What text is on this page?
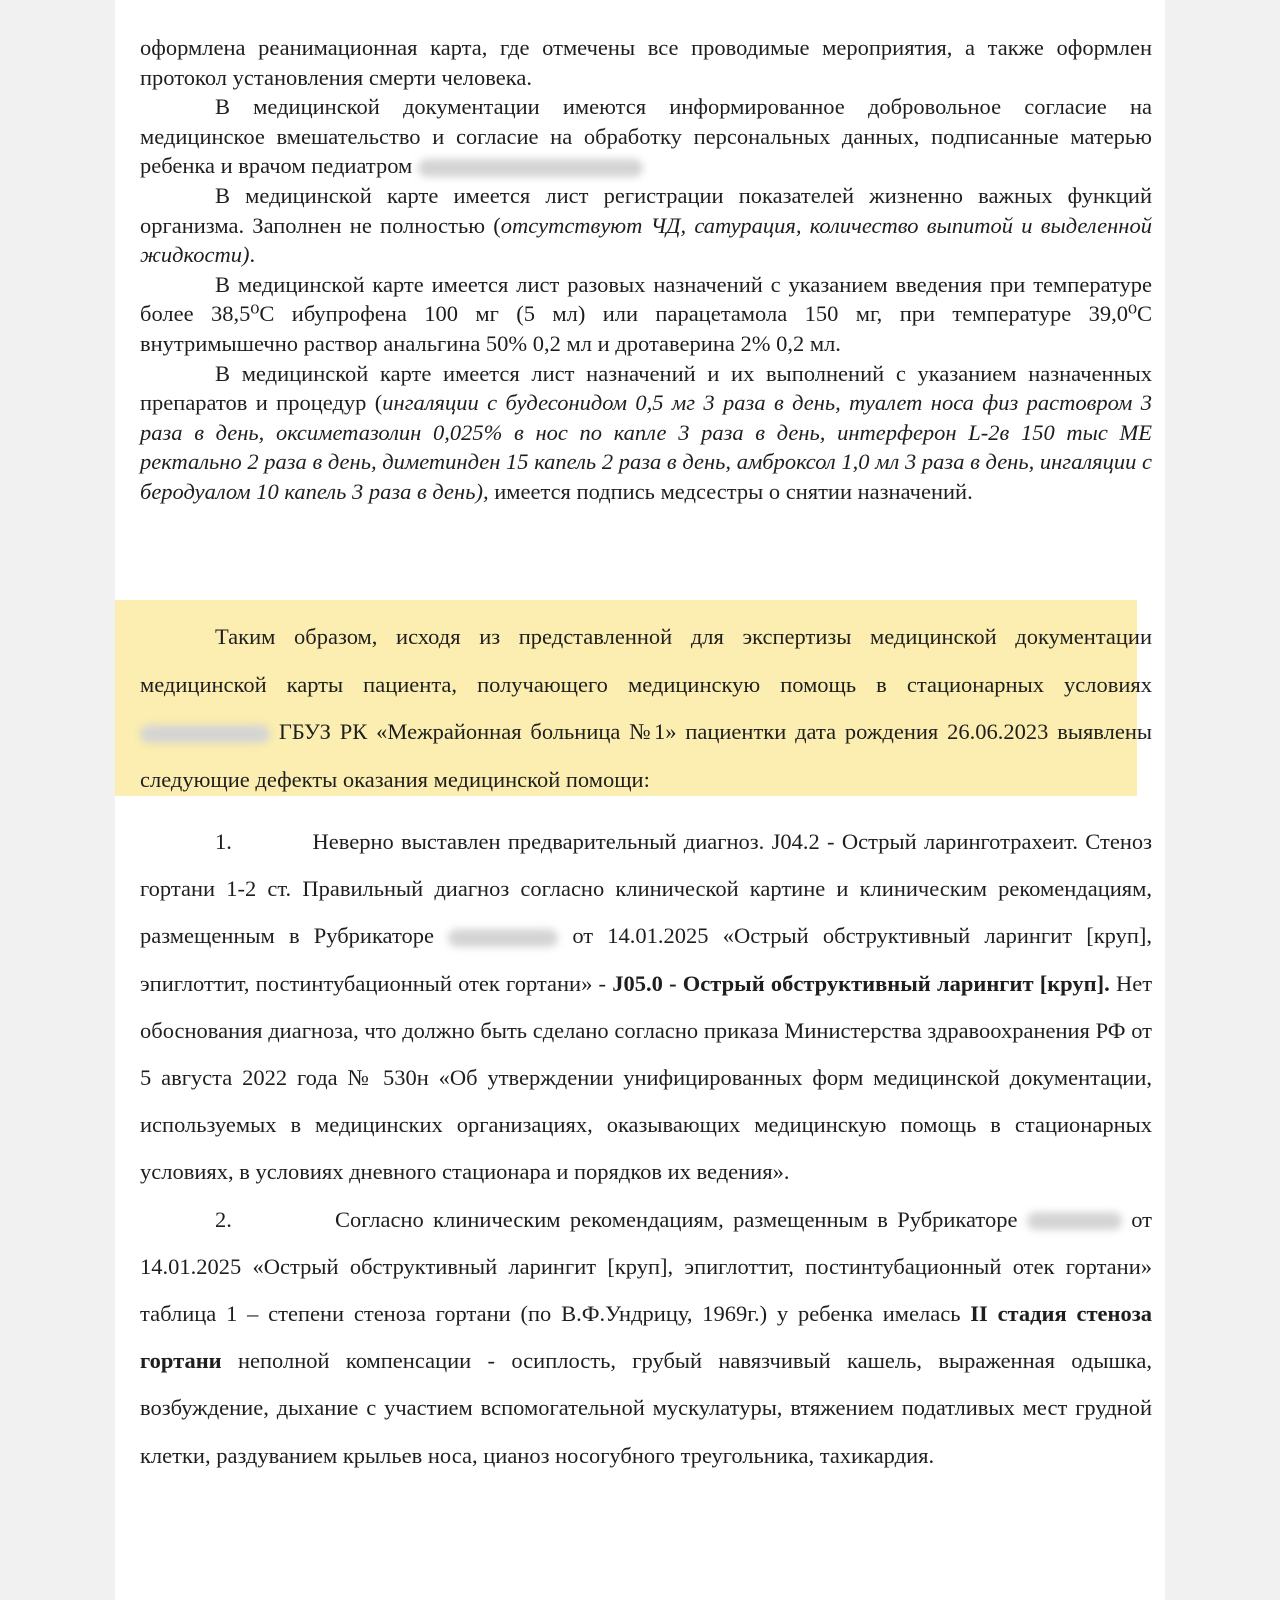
оформлена реанимационная карта, где отмечены все проводимые мероприятия, а также оформлен протокол установления смерти человека.

В медицинской документации имеются информированное добровольное согласие на медицинское вмешательство и согласие на обработку персональных данных, подписанные матерью ребенка и врачом педиатром

В медицинской карте имеется лист регистрации показателей жизненно важных функций организма. Заполнен не полностью (отсутствуют ЧД, сатурация, количество выпитой и выделенной жидкости).

В медицинской карте имеется лист разовых назначений с указанием введения при температуре более 38,5⁰С ибупрофена 100 мг (5 мл) или парацетамола 150 мг, при температуре 39,0⁰С внутримышечно раствор анальгина 50% 0,2 мл и дротаверина 2% 0,2 мл.

В медицинской карте имеется лист назначений и их выполнений с указанием назначенных препаратов и процедур (ингаляции с будесонидом 0,5 мг 3 раза в день, туалет носа физ растовром 3 раза в день, оксиметазолин 0,025% в нос по капле 3 раза в день, интерферон L-2в 150 тыс МЕ ректально 2 раза в день, диметинден 15 капель 2 раза в день, амброксол 1,0 мл 3 раза в день, ингаляции с беродуалом 10 капель 3 раза в день), имеется подпись медсестры о снятии назначений.

Таким образом, исходя из представленной для экспертизы медицинской документации медицинской карты пациента, получающего медицинскую помощь в стационарных условиях  ГБУЗ РК «Межрайонная больница №1» пациентки дата рождения 26.06.2023 выявлены следующие дефекты оказания медицинской помощи:

1.	Неверно выставлен предварительный диагноз. J04.2 - Острый ларинготрахеит. Стеноз гортани 1-2 ст. Правильный диагноз согласно клинической картине и клиническим рекомендациям, размещенным в Рубрикаторе	от 14.01.2025 «Острый обструктивный ларингит [круп], эпиглоттит, постинтубационный отек гортани» - J05.0 - Острый обструктивный ларингит [круп]. Нет обоснования диагноза, что должно быть сделано согласно приказа Министерства здравоохранения РФ от 5 августа 2022 года № 530н «Об утверждении унифицированных форм медицинской документации, используемых в медицинских организациях, оказывающих медицинскую помощь в стационарных условиях, в условиях дневного стационара и порядков их ведения».

2.	Согласно клиническим рекомендациям, размещенным в Рубрикаторе	от 14.01.2025 «Острый обструктивный ларингит [круп], эпиглоттит, постинтубационный отек гортани» таблица 1 – степени стеноза гортани (по В.Ф.Ундрицу, 1969г.) у ребенка имелась II стадия стеноза гортани неполной компенсации - осиплость, грубый навязчивый кашель, выраженная одышка, возбуждение, дыхание с участием вспомогательной мускулатуры, втяжением податливых мест грудной клетки, раздуванием крыльев носа, цианоз носогубного треугольника, тахикардия.
